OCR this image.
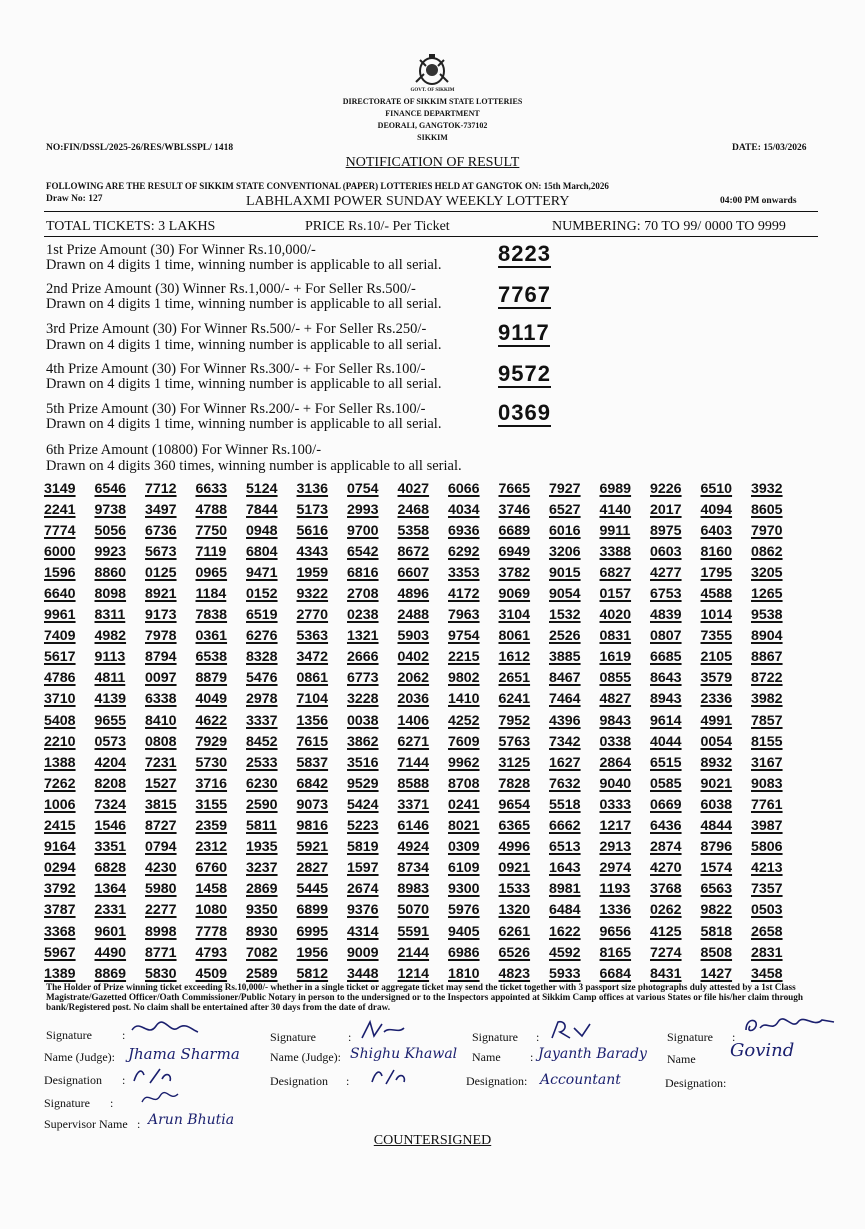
GOVT. OF SIKKIM
DIRECTORATE OF SIKKIM STATE LOTTERIES
FINANCE DEPARTMENT
DEORALI, GANGTOK-737102
SIKKIM
NO:FIN/DSSL/2025-26/RES/WBLSSPL/ 1418	DATE: 15/03/2026
NOTIFICATION OF RESULT
FOLLOWING ARE THE RESULT OF SIKKIM STATE CONVENTIONAL (PAPER) LOTTERIES HELD AT GANGTOK ON: 15th March,2026
Draw No: 127	LABHLAXMI POWER SUNDAY WEEKLY LOTTERY	04:00 PM onwards
TOTAL TICKETS: 3 LAKHS	PRICE Rs.10/- Per Ticket	NUMBERING: 70 TO 99/ 0000 TO 9999
1st Prize Amount (30) For Winner Rs.10,000/-
Drawn on 4 digits 1 time, winning number is applicable to all serial.	8223
2nd Prize Amount (30) Winner Rs.1,000/- + For Seller Rs.500/-
Drawn on 4 digits 1 time, winning number is applicable to all serial.	7767
3rd Prize Amount (30) For Winner Rs.500/- + For Seller Rs.250/-
Drawn on 4 digits 1 time, winning number is applicable to all serial.	9117
4th Prize Amount (30) For Winner Rs.300/- + For Seller Rs.100/-
Drawn on 4 digits 1 time, winning number is applicable to all serial.	9572
5th Prize Amount (30) For Winner Rs.200/- + For Seller Rs.100/-
Drawn on 4 digits 1 time, winning number is applicable to all serial.	0369
6th Prize Amount (10800) For Winner Rs.100/-
Drawn on 4 digits 360 times, winning number is applicable to all serial.
3149	6546	7712	6633	5124	3136	0754	4027	6066	7665	7927	6989	9226	6510	3932
2241	9738	3497	4788	7844	5173	2993	2468	4034	3746	6527	4140	2017	4094	8605
7774	5056	6736	7750	0948	5616	9700	5358	6936	6689	6016	9911	8975	6403	7970
6000	9923	5673	7119	6804	4343	6542	8672	6292	6949	3206	3388	0603	8160	0862
1596	8860	0125	0965	9471	1959	6816	6607	3353	3782	9015	6827	4277	1795	3205
6640	8098	8921	1184	0152	9322	2708	4896	4172	9069	9054	0157	6753	4588	1265
9961	8311	9173	7838	6519	2770	0238	2488	7963	3104	1532	4020	4839	1014	9538
7409	4982	7978	0361	6276	5363	1321	5903	9754	8061	2526	0831	0807	7355	8904
5617	9113	8794	6538	8328	3472	2666	0402	2215	1612	3885	1619	6685	2105	8867
4786	4811	0097	8879	5476	0861	6773	2062	9802	2651	8467	0855	8643	3579	8722
3710	4139	6338	4049	2978	7104	3228	2036	1410	6241	7464	4827	8943	2336	3982
5408	9655	8410	4622	3337	1356	0038	1406	4252	7952	4396	9843	9614	4991	7857
2210	0573	0808	7929	8452	7615	3862	6271	7609	5763	7342	0338	4044	0054	8155
1388	4204	7231	5730	2533	5837	3516	7144	9962	3125	1627	2864	6515	8932	3167
7262	8208	1527	3716	6230	6842	9529	8588	8708	7828	7632	9040	0585	9021	9083
1006	7324	3815	3155	2590	9073	5424	3371	0241	9654	5518	0333	0669	6038	7761
2415	1546	8727	2359	5811	9816	5223	6146	8021	6365	6662	1217	6436	4844	3987
9164	3351	0794	2312	1935	5921	5819	4924	0309	4996	6513	2913	2874	8796	5806
0294	6828	4230	6760	3237	2827	1597	8734	6109	0921	1643	2974	4270	1574	4213
3792	1364	5980	1458	2869	5445	2674	8983	9300	1533	8981	1193	3768	6563	7357
3787	2331	2277	1080	9350	6899	9376	5070	5976	1320	6484	1336	0262	9822	0503
3368	9601	8998	7778	8930	6995	4314	5591	9405	6261	1622	9656	4125	5818	2658
5967	4490	8771	4793	7082	1956	9009	2144	6986	6526	4592	8165	7274	8508	2831
1389	8869	5830	4509	2589	5812	3448	1214	1810	4823	5933	6684	8431	1427	3458
The Holder of Prize winning ticket exceeding Rs.10,000/- whether in a single ticket or aggregate ticket may send the ticket together with 3 passport size photographs duly attested by a 1st Class Magistrate/Gazetted Officer/Oath Commissioner/Public Notary in person to the undersigned or to the Inspectors appointed at Sikkim Camp offices at various States or file his/her claim through bank/Registered post. No claim shall be entertained after 30 days from the date of draw.
Signature	:
Name (Judge): Jhama Sharma
Designation :
Signature :
Supervisor Name : Arun Bhutia
Signature	:
Name (Judge): Shighu Khawal
Designation :
Signature :
Name : Jayanth Barady
Designation: Accountant
Signature :
Name Govind
Designation:
COUNTERSIGNED
